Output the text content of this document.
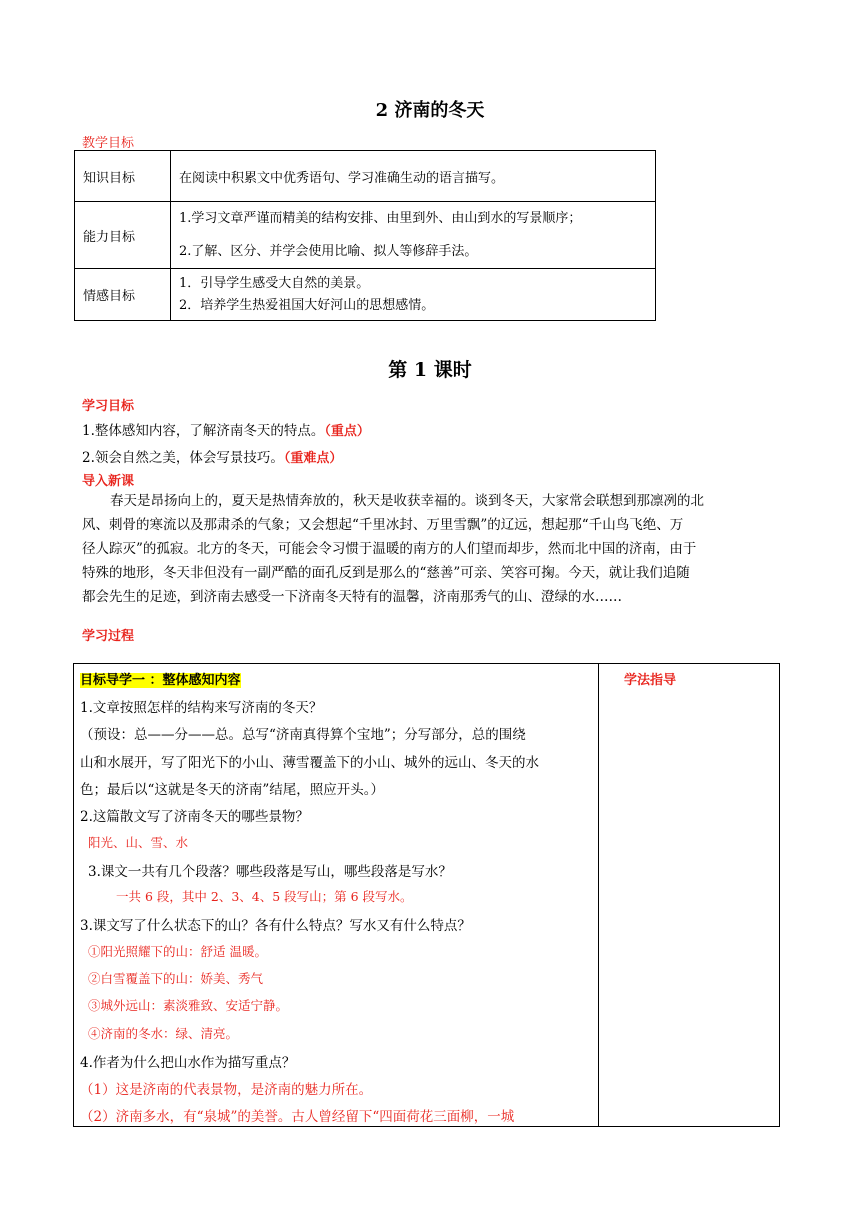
2 济南的冬天
教学目标
知识目标	在阅读中积累文中优秀语句、学习准确生动的语言描写。
能力目标	1.学习文章严谨而精美的结构安排、由里到外、由山到水的写景顺序；
2.了解、区分、并学会使用比喻、拟人等修辞手法。

情感目标	1．引导学生感受大自然的美景。
2．培养学生热爱祖国大好河山的思想感情。
第 1 课时
学习目标
1.整体感知内容，了解济南冬天的特点。（重点）
2.领会自然之美，体会写景技巧。（重难点）
导入新课
春天是昂扬向上的，夏天是热情奔放的，秋天是收获幸福的。谈到冬天，大家常会联想到那凛冽的北
风、刺骨的寒流以及那肃杀的气象；又会想起“千里冰封、万里雪飘”的辽远，想起那“千山鸟飞绝、万
径人踪灭”的孤寂。北方的冬天，可能会令习惯于温暖的南方的人们望而却步，然而北中国的济南，由于
特殊的地形，冬天非但没有一副严酷的面孔反到是那么的“慈善”可亲、笑容可掬。今天，就让我们追随
都会先生的足迹，到济南去感受一下济南冬天特有的温馨，济南那秀气的山、澄绿的水……
学习过程
目标导学一 ：整体感知内容	学法指导
1.文章按照怎样的结构来写济南的冬天？
（预设：总——分——总。总写“济南真得算个宝地”；分写部分，总的围绕
山和水展开，写了阳光下的小山、薄雪覆盖下的小山、城外的远山、冬天的水
色；最后以“这就是冬天的济南”结尾，照应开头。）
2.这篇散文写了济南冬天的哪些景物？
阳光、山、雪、水
3.课文一共有几个段落？哪些段落是写山，哪些段落是写水？
一共 6 段，其中 2、3、4、5 段写山；第 6 段写水。
3.课文写了什么状态下的山？各有什么特点？写水又有什么特点？
①阳光照耀下的山：舒适 温暖。
②白雪覆盖下的山：娇美、秀气
③城外远山：素淡雅致、安适宁静。
④济南的冬水：绿、清亮。
4.作者为什么把山水作为描写重点？
（1）这是济南的代表景物，是济南的魅力所在。
（2）济南多水，有“泉城”的美誉。古人曾经留下“四面荷花三面柳，一城
